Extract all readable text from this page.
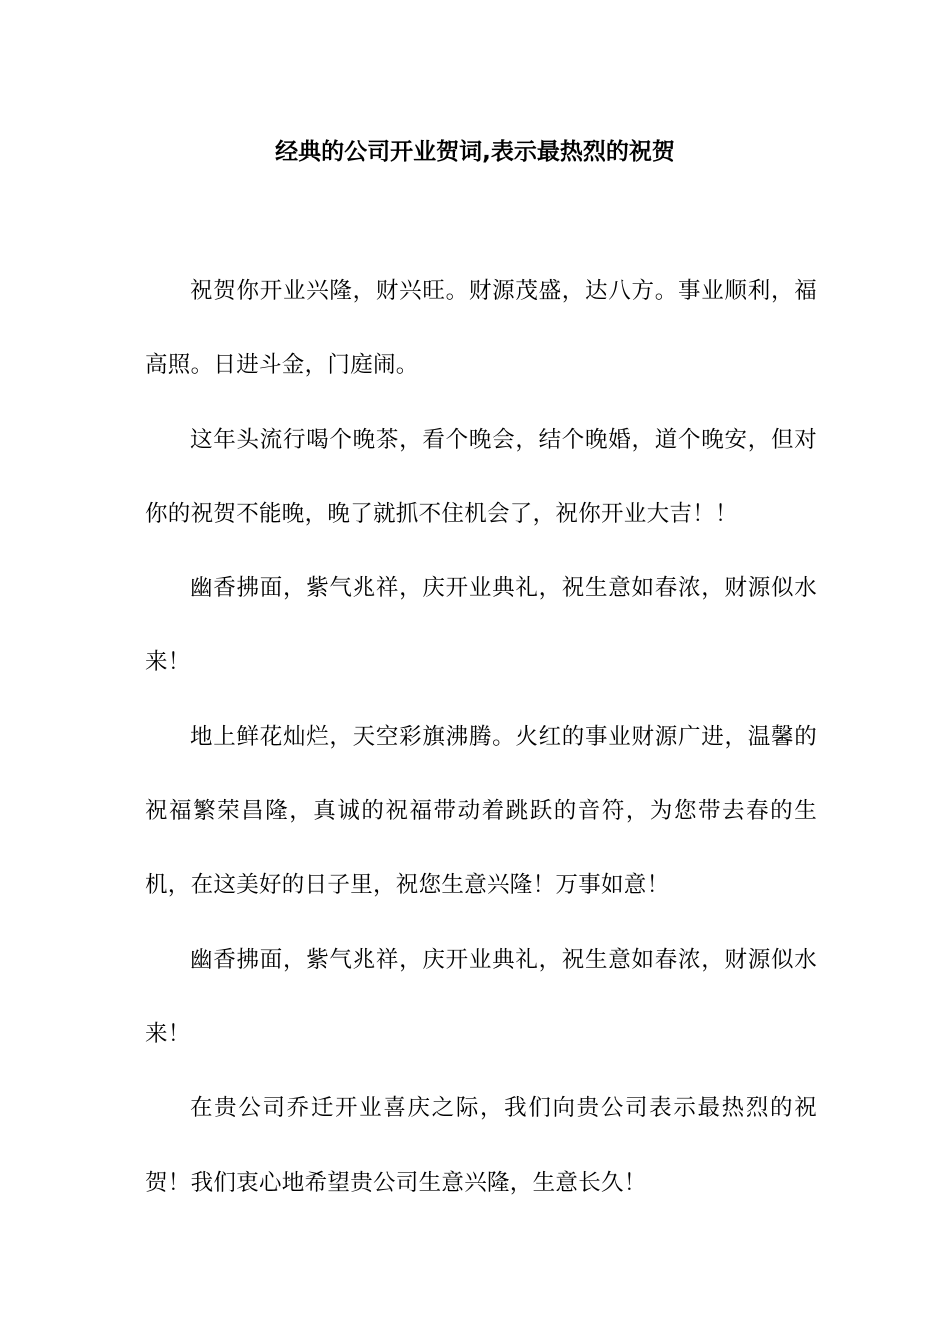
经典的公司开业贺词,表示最热烈的祝贺

祝贺你开业兴隆，财兴旺。财源茂盛，达八方。事业顺利，福高照。日进斗金，门庭闹。

这年头流行喝个晚茶，看个晚会，结个晚婚，道个晚安，但对你的祝贺不能晚，晚了就抓不住机会了，祝你开业大吉！！

幽香拂面，紫气兆祥，庆开业典礼，祝生意如春浓，财源似水来！

地上鲜花灿烂，天空彩旗沸腾。火红的事业财源广进，温馨的祝福繁荣昌隆，真诚的祝福带动着跳跃的音符，为您带去春的生机，在这美好的日子里，祝您生意兴隆！万事如意！

幽香拂面，紫气兆祥，庆开业典礼，祝生意如春浓，财源似水来！

在贵公司乔迁开业喜庆之际，我们向贵公司表示最热烈的祝贺！我们衷心地希望贵公司生意兴隆，生意长久！
